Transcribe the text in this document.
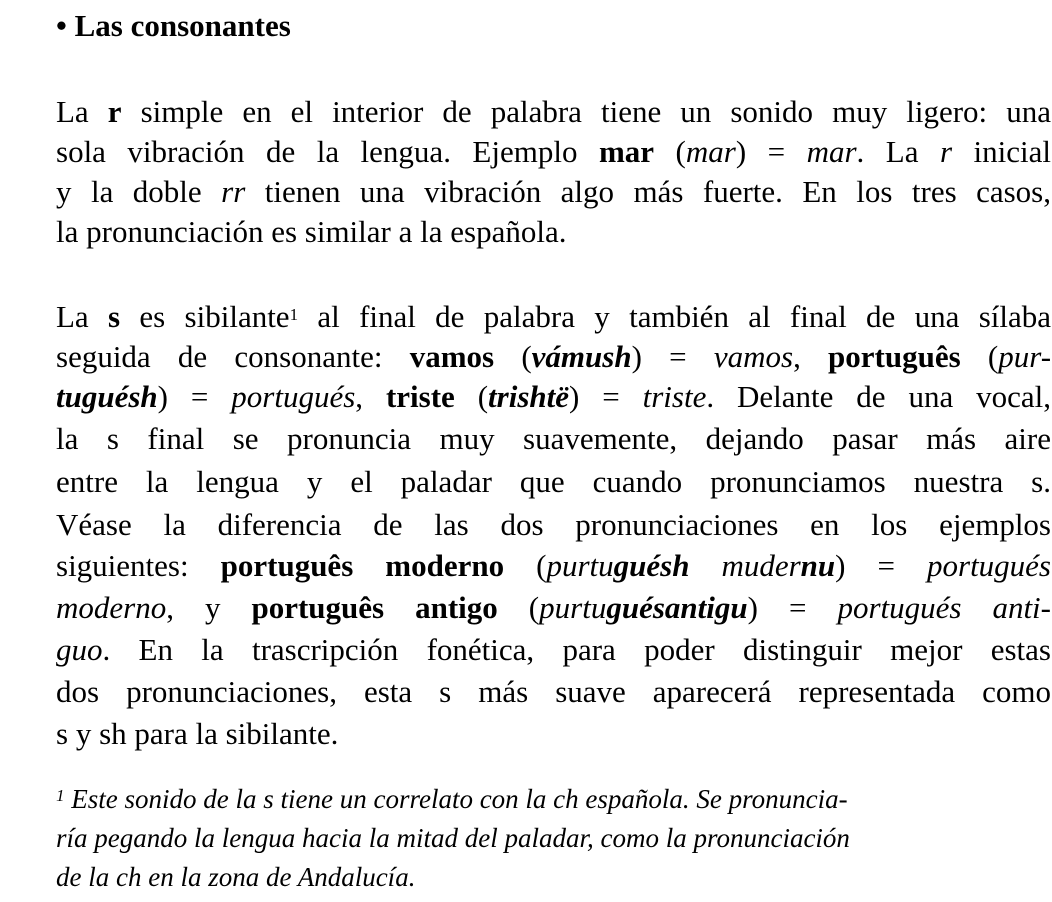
• Las consonantes
La r simple en el interior de palabra tiene un sonido muy ligero: una
sola vibración de la lengua. Ejemplo mar (mar) = mar. La r inicial
y la doble rr tienen una vibración algo más fuerte. En los tres casos,
la pronunciación es similar a la española.
La s es sibilante$^1$ al final de palabra y también al final de una sílaba
seguida de consonante: vamos (vámush) = vamos, português (pur-
tuguésh) = portugués, triste (trishtë) = triste. Delante de una vocal,
la s final se pronuncia muy suavemente, dejando pasar más aire
entre la lengua y el paladar que cuando pronunciamos nuestra s.
Véase la diferencia de las dos pronunciaciones en los ejemplos
siguientes: português moderno (purtuguésh mudernu) = portugués
moderno, y português antigo (purtuguésantigu) = portugués anti-
guo. En la trascripción fonética, para poder distinguir mejor estas
dos pronunciaciones, esta s más suave aparecerá representada como
s y sh para la sibilante.
$^1$ Este sonido de la s tiene un correlato con la ch española. Se pronuncia-
ría pegando la lengua hacia la mitad del paladar, como la pronunciación
de la ch en la zona de Andalucía.
